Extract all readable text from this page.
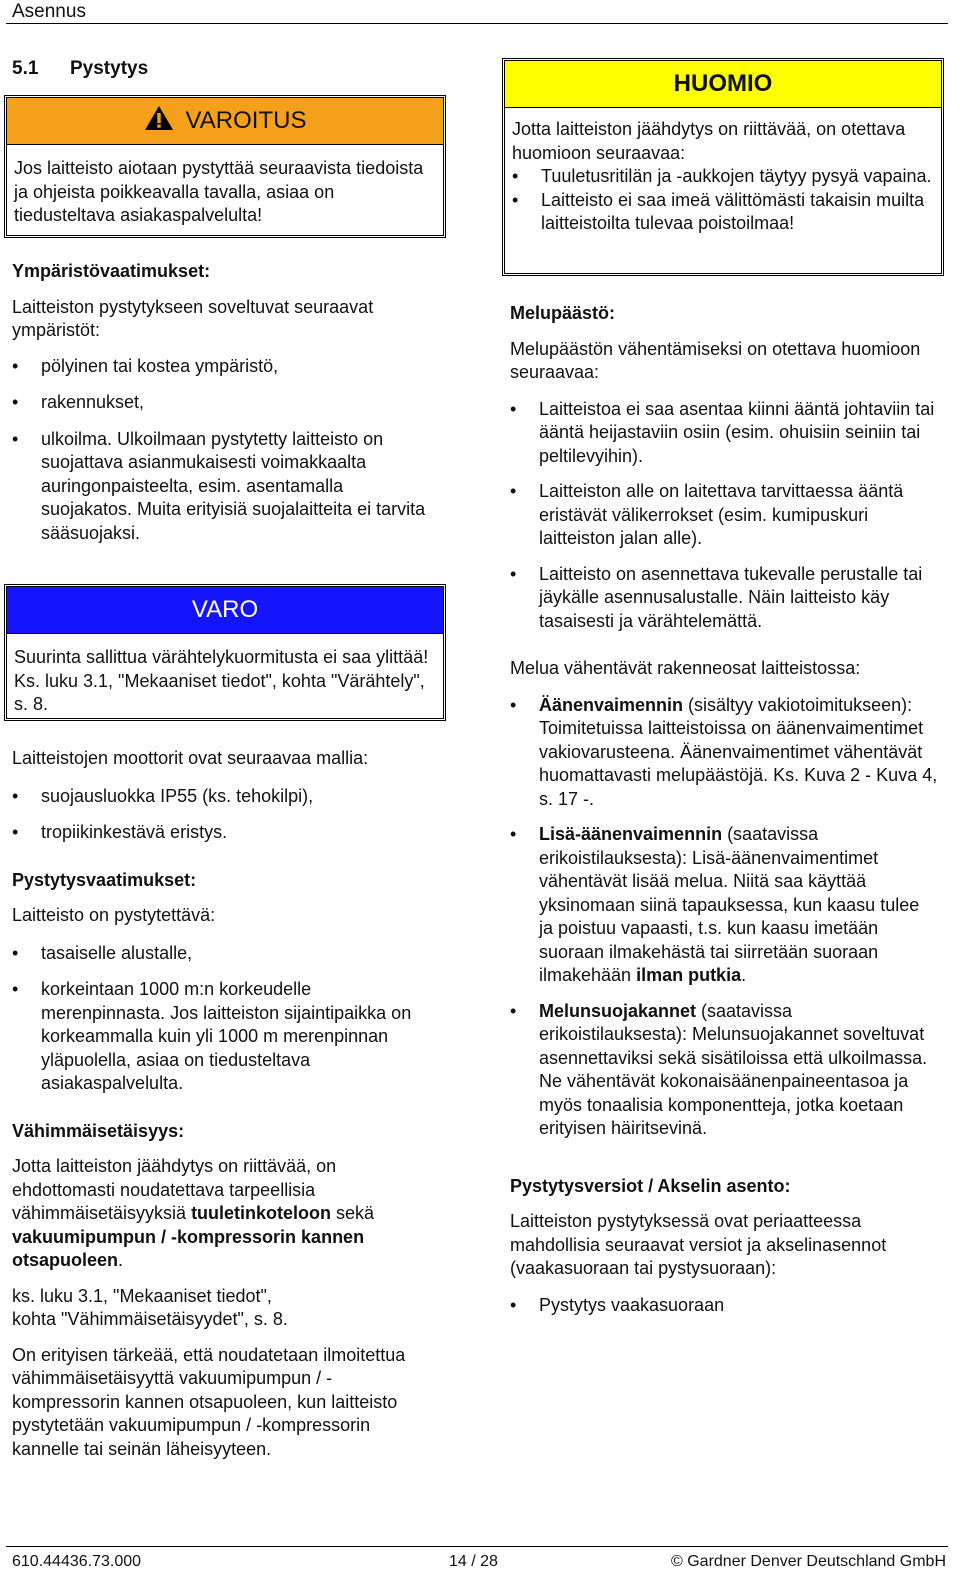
Asennus
5.1 Pystytys
VAROITUS
Jos laitteisto aiotaan pystyttää seuraavista tiedoista ja ohjeista poikkeavalla tavalla, asiaa on tiedusteltava asiakaspalvelulta!

Ympäristövaatimukset:

Laitteiston pystytykseen soveltuvat seuraavat ympäristöt:

• pölyinen tai kostea ympäristö,
• rakennukset,
• ulkoilma. Ulkoilmaan pystytetty laitteisto on suojattava asianmukaisesti voimakkaalta auringonpaisteelta, esim. asentamalla suojakatos. Muita erityisiä suojalaitteita ei tarvita sääsuojaksi.
VARO
Suurinta sallittua värähtelykuormitusta ei saa ylittää! Ks. luku 3.1, "Mekaaniset tiedot", kohta "Värähtely", s. 8.

Laitteistojen moottorit ovat seuraavaa mallia:

• suojausluokka IP55 (ks. tehokilpi),
• tropiikinkestävä eristys.

Pystytysvaatimukset:

Laitteisto on pystytettävä:

• tasaiselle alustalle,
• korkeintaan 1000 m:n korkeudelle merenpinnasta. Jos laitteiston sijaintipaikka on korkeammalla kuin yli 1000 m merenpinnan yläpuolella, asiaa on tiedusteltava asiakaspalvelulta.

Vähimmäisetäisyys:

Jotta laitteiston jäähdytys on riittävää, on ehdottomasti noudatettava tarpeellisia vähimmäisetäisyyksiä tuuletinkoteloon sekä vakuumipumpun / -kompressorin kannen otsapuoleen.

ks. luku 3.1, "Mekaaniset tiedot",
kohta "Vähimmäisetäisyydet", s. 8.

On erityisen tärkeää, että noudatetaan ilmoitettua vähimmäisetäisyyttä vakuumipumpun / -kompressorin kannen otsapuoleen, kun laitteisto pystytetään vakuumipumpun / -kompressorin kannelle tai seinän läheisyyteen.

HUOMIO

Jotta laitteiston jäähdytys on riittävää, on otettava huomioon seuraavaa:

• Tuuletusritilän ja -aukkojen täytyy pysyä vapaina.
• Laitteisto ei saa imeä välittömästi takaisin muilta laitteistoilta tulevaa poistoilmaa!

Melupäästö:

Melupäästön vähentämiseksi on otettava huomioon seuraavaa:

• Laitteistoa ei saa asentaa kiinni ääntä johtaviin tai ääntä heijastaviin osiin (esim. ohuisiin seiniin tai peltilevyihin).
• Laitteiston alle on laitettava tarvittaessa ääntä eristävät välikerrokset (esim. kumipuskuri laitteiston jalan alle).
• Laitteisto on asennettava tukevalle perustalle tai jäykälle asennusalustalle. Näin laitteisto käy tasaisesti ja värähtelemättä.

Melua vähentävät rakenneosat laitteistossa:

• Äänenvaimennin (sisältyy vakiotoimitukseen): Toimitetuissa laitteistoissa on äänenvaimentimet vakiovarusteena. Äänenvaimentimet vähentävät huomattavasti melupäästöjä. Ks. Kuva 2 - Kuva 4, s. 17 -.
• Lisä-äänenvaimennin (saatavissa erikoistilauksesta): Lisä-äänenvaimentimet vähentävät lisää melua. Niitä saa käyttää yksinomaan siinä tapauksessa, kun kaasu tulee ja poistuu vapaasti, t.s. kun kaasu imetään suoraan ilmakehästä tai siirretään suoraan ilmakehään ilman putkia.
• Melunsuojakannet (saatavissa erikoistilauksesta): Melunsuojakannet soveltuvat asennettaviksi sekä sisätiloissa että ulkoilmassa. Ne vähentävät kokonaisäänenpaineentasoa ja myös tonaalisia komponentteja, jotka koetaan erityisen häiritsevinä.

Pystytysversiot / Akselin asento:

Laitteiston pystytyksessä ovat periaatteessa mahdollisia seuraavat versiot ja akselinasennot (vaakasuoraan tai pystysuoraan):

• Pystytys vaakasuoraan
610.44436.73.000	14 / 28	© Gardner Denver Deutschland GmbH
